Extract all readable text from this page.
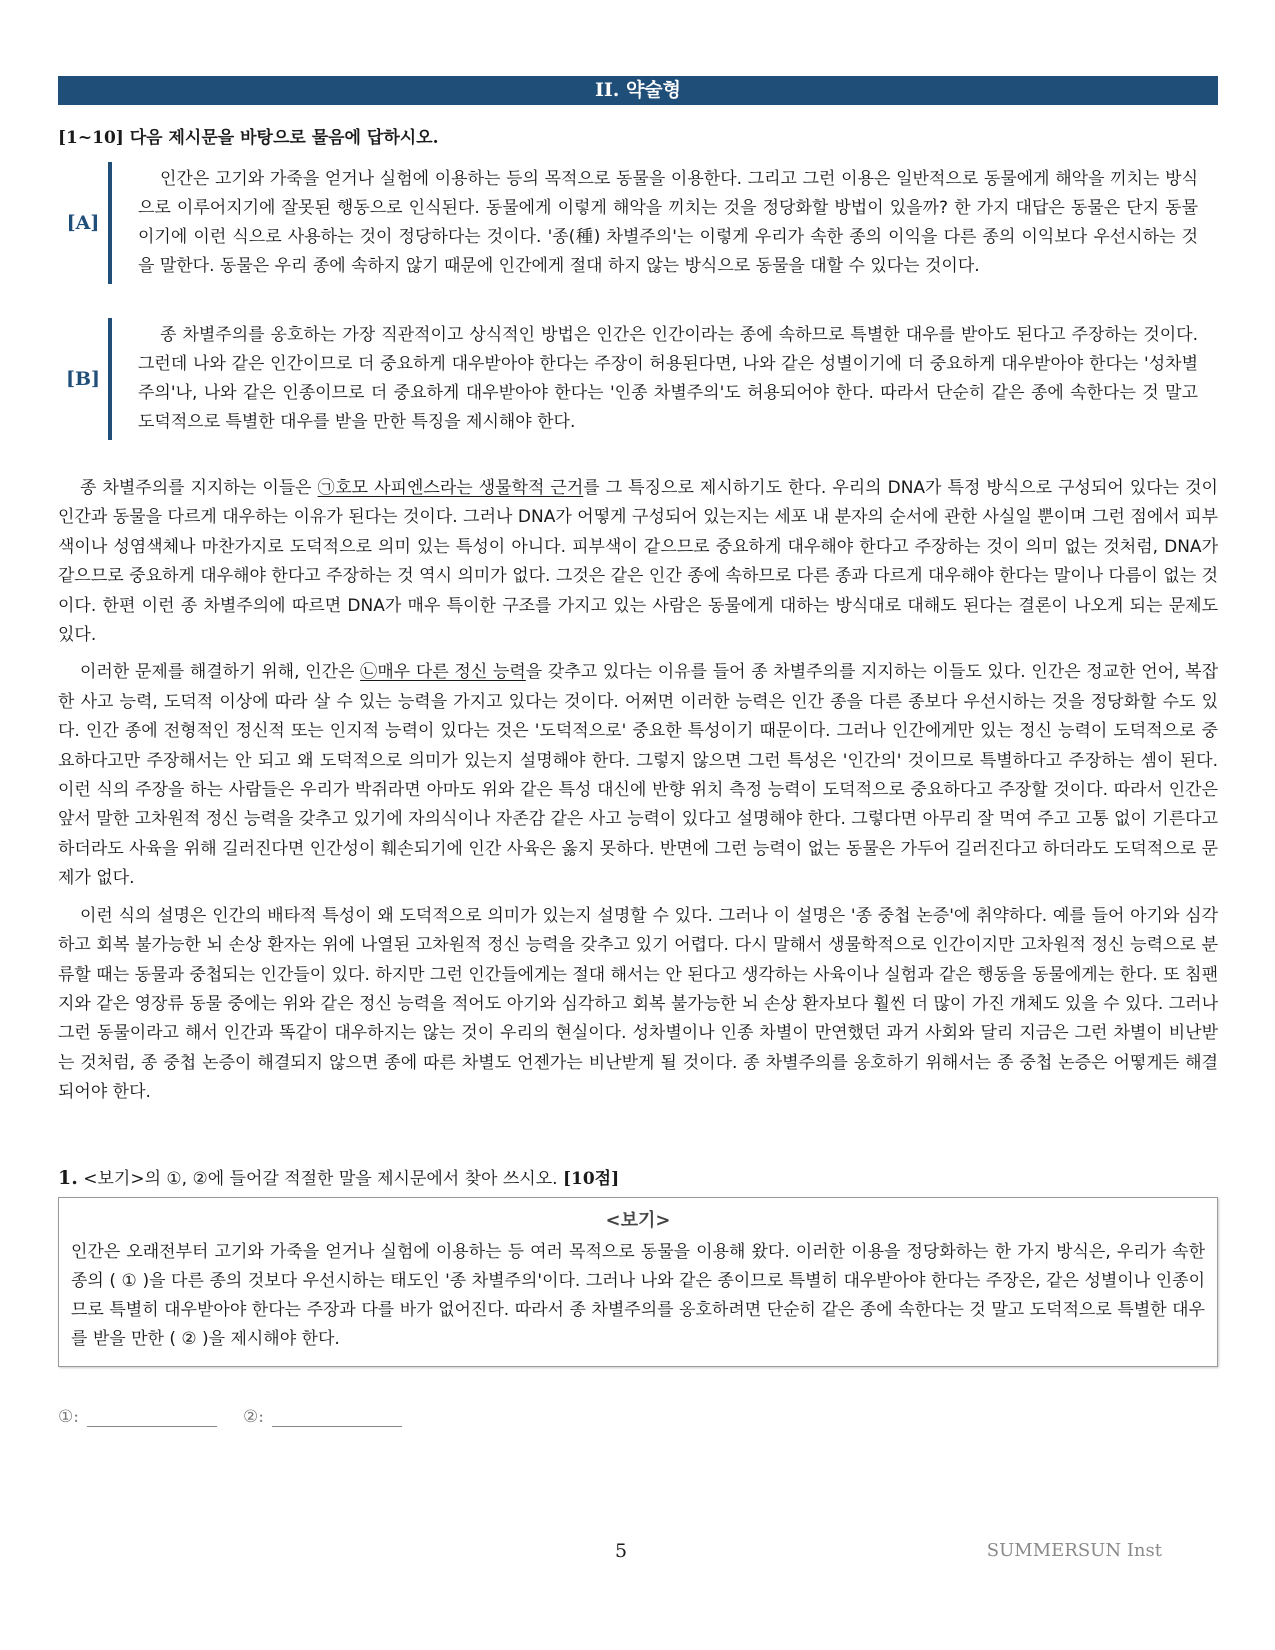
II. 약술형
[1~10] 다음 제시문을 바탕으로 물음에 답하시오.
[A]
인간은 고기와 가죽을 얻거나 실험에 이용하는 등의 목적으로 동물을 이용한다. 그리고 그런 이용은 일반적으로 동물에게 해악을 끼치는 방식으로 이루어지기에 잘못된 행동으로 인식된다. 동물에게 이렇게 해악을 끼치는 것을 정당화할 방법이 있을까? 한 가지 대답은 동물은 단지 동물이기에 이런 식으로 사용하는 것이 정당하다는 것이다. '종(種) 차별주의'는 이렇게 우리가 속한 종의 이익을 다른 종의 이익보다 우선시하는 것을 말한다. 동물은 우리 종에 속하지 않기 때문에 인간에게 절대 하지 않는 방식으로 동물을 대할 수 있다는 것이다.
[B]
종 차별주의를 옹호하는 가장 직관적이고 상식적인 방법은 인간은 인간이라는 종에 속하므로 특별한 대우를 받아도 된다고 주장하는 것이다. 그런데 나와 같은 인간이므로 더 중요하게 대우받아야 한다는 주장이 허용된다면, 나와 같은 성별이기에 더 중요하게 대우받아야 한다는 '성차별주의'나, 나와 같은 인종이므로 더 중요하게 대우받아야 한다는 '인종 차별주의'도 허용되어야 한다. 따라서 단순히 같은 종에 속한다는 것 말고 도덕적으로 특별한 대우를 받을 만한 특징을 제시해야 한다.

종 차별주의를 지지하는 이들은 ㉠호모 사피엔스라는 생물학적 근거를 그 특징으로 제시하기도 한다. 우리의 DNA가 특정 방식으로 구성되어 있다는 것이 인간과 동물을 다르게 대우하는 이유가 된다는 것이다. 그러나 DNA가 어떻게 구성되어 있는지는 세포 내 분자의 순서에 관한 사실일 뿐이며 그런 점에서 피부색이나 성염색체나 마찬가지로 도덕적으로 의미 있는 특성이 아니다. 피부색이 같으므로 중요하게 대우해야 한다고 주장하는 것이 의미 없는 것처럼, DNA가 같으므로 중요하게 대우해야 한다고 주장하는 것 역시 의미가 없다. 그것은 같은 인간 종에 속하므로 다른 종과 다르게 대우해야 한다는 말이나 다름이 없는 것이다. 한편 이런 종 차별주의에 따르면 DNA가 매우 특이한 구조를 가지고 있는 사람은 동물에게 대하는 방식대로 대해도 된다는 결론이 나오게 되는 문제도 있다.

이러한 문제를 해결하기 위해, 인간은 ㉡매우 다른 정신 능력을 갖추고 있다는 이유를 들어 종 차별주의를 지지하는 이들도 있다. 인간은 정교한 언어, 복잡한 사고 능력, 도덕적 이상에 따라 살 수 있는 능력을 가지고 있다는 것이다. 어쩌면 이러한 능력은 인간 종을 다른 종보다 우선시하는 것을 정당화할 수도 있다. 인간 종에 전형적인 정신적 또는 인지적 능력이 있다는 것은 '도덕적으로' 중요한 특성이기 때문이다. 그러나 인간에게만 있는 정신 능력이 도덕적으로 중요하다고만 주장해서는 안 되고 왜 도덕적으로 의미가 있는지 설명해야 한다. 그렇지 않으면 그런 특성은 '인간의' 것이므로 특별하다고 주장하는 셈이 된다. 이런 식의 주장을 하는 사람들은 우리가 박쥐라면 아마도 위와 같은 특성 대신에 반향 위치 측정 능력이 도덕적으로 중요하다고 주장할 것이다. 따라서 인간은 앞서 말한 고차원적 정신 능력을 갖추고 있기에 자의식이나 자존감 같은 사고 능력이 있다고 설명해야 한다. 그렇다면 아무리 잘 먹여 주고 고통 없이 기른다고 하더라도 사육을 위해 길러진다면 인간성이 훼손되기에 인간 사육은 옳지 못하다. 반면에 그런 능력이 없는 동물은 가두어 길러진다고 하더라도 도덕적으로 문제가 없다.

이런 식의 설명은 인간의 배타적 특성이 왜 도덕적으로 의미가 있는지 설명할 수 있다. 그러나 이 설명은 '종 중첩 논증'에 취약하다. 예를 들어 아기와 심각하고 회복 불가능한 뇌 손상 환자는 위에 나열된 고차원적 정신 능력을 갖추고 있기 어렵다. 다시 말해서 생물학적으로 인간이지만 고차원적 정신 능력으로 분류할 때는 동물과 중첩되는 인간들이 있다. 하지만 그런 인간들에게는 절대 해서는 안 된다고 생각하는 사육이나 실험과 같은 행동을 동물에게는 한다. 또 침팬지와 같은 영장류 동물 중에는 위와 같은 정신 능력을 적어도 아기와 심각하고 회복 불가능한 뇌 손상 환자보다 훨씬 더 많이 가진 개체도 있을 수 있다. 그러나 그런 동물이라고 해서 인간과 똑같이 대우하지는 않는 것이 우리의 현실이다. 성차별이나 인종 차별이 만연했던 과거 사회와 달리 지금은 그런 차별이 비난받는 것처럼, 종 중첩 논증이 해결되지 않으면 종에 따른 차별도 언젠가는 비난받게 될 것이다. 종 차별주의를 옹호하기 위해서는 종 중첩 논증은 어떻게든 해결되어야 한다.

1. <보기>의 ①, ②에 들어갈 적절한 말을 제시문에서 찾아 쓰시오. [10점]
<보기>
인간은 오래전부터 고기와 가죽을 얻거나 실험에 이용하는 등 여러 목적으로 동물을 이용해 왔다. 이러한 이용을 정당화하는 한 가지 방식은, 우리가 속한 종의 ( ① )을 다른 종의 것보다 우선시하는 태도인 '종 차별주의'이다. 그러나 나와 같은 종이므로 특별히 대우받아야 한다는 주장은, 같은 성별이나 인종이므로 특별히 대우받아야 한다는 주장과 다를 바가 없어진다. 따라서 종 차별주의를 옹호하려면 단순히 같은 종에 속한다는 것 말고 도덕적으로 특별한 대우를 받을 만한 ( ② )을 제시해야 한다.
①:	②:
5	SUMMERSUN Inst
